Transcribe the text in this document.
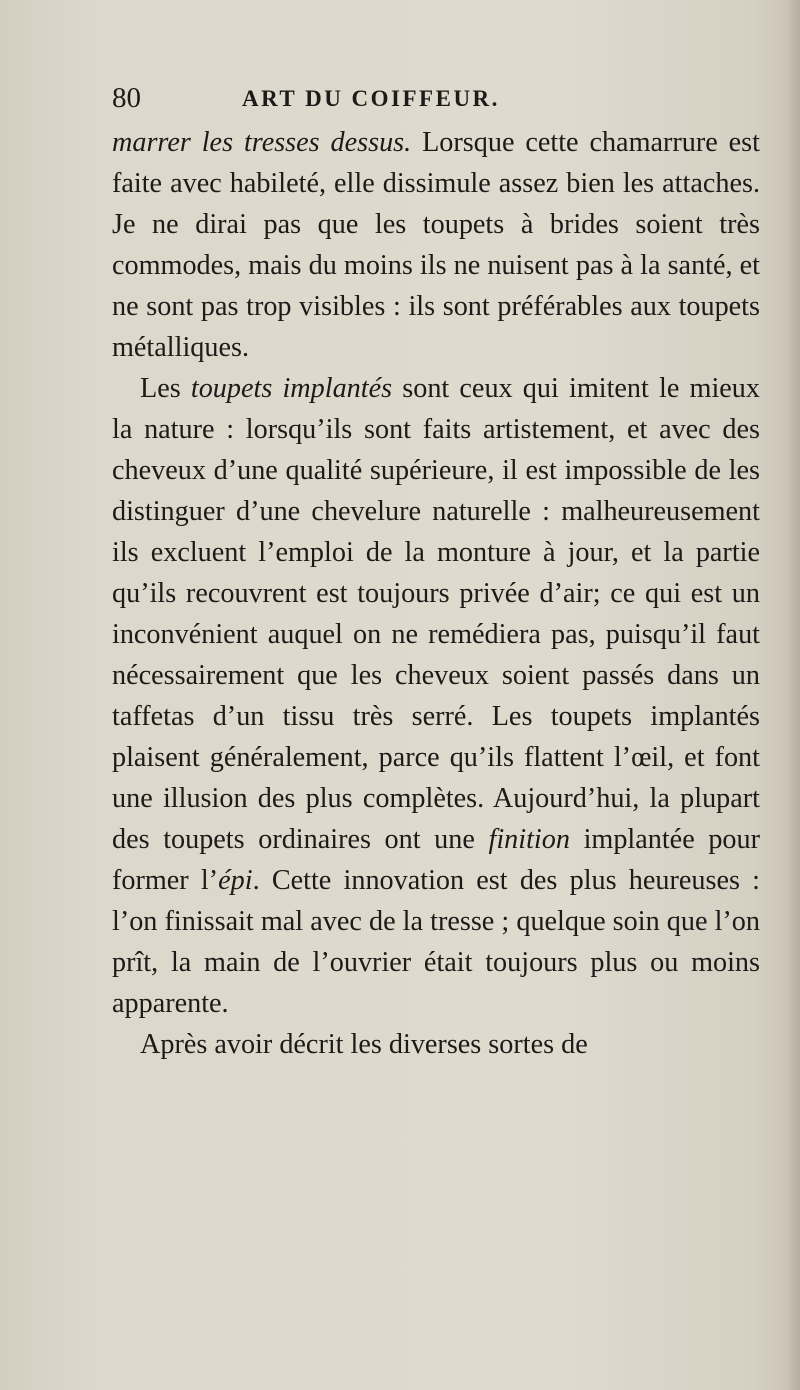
80	ART DU COIFFEUR.

marrer les tresses dessus. Lorsque cette chamarrure est faite avec habileté, elle dissimule assez bien les attaches. Je ne dirai pas que les toupets à brides soient très commodes, mais du moins ils ne nuisent pas à la santé, et ne sont pas trop visibles : ils sont préférables aux toupets métalliques.

Les toupets implantés sont ceux qui imitent le mieux la nature : lorsqu’ils sont faits artistement, et avec des cheveux d’une qualité supérieure, il est impossible de les distinguer d’une chevelure naturelle : malheureusement ils excluent l’emploi de la monture à jour, et la partie qu’ils recouvrent est toujours privée d’air; ce qui est un inconvénient auquel on ne remédiera pas, puisqu’il faut nécessairement que les cheveux soient passés dans un taffetas d’un tissu très serré. Les toupets implantés plaisent généralement, parce qu’ils flattent l’œil, et font une illusion des plus complètes. Aujourd’hui, la plupart des toupets ordinaires ont une finition implantée pour former l’épi. Cette innovation est des plus heureuses : l’on finissait mal avec de la tresse ; quelque soin que l’on prît, la main de l’ouvrier était toujours plus ou moins apparente.

Après avoir décrit les diverses sortes de
